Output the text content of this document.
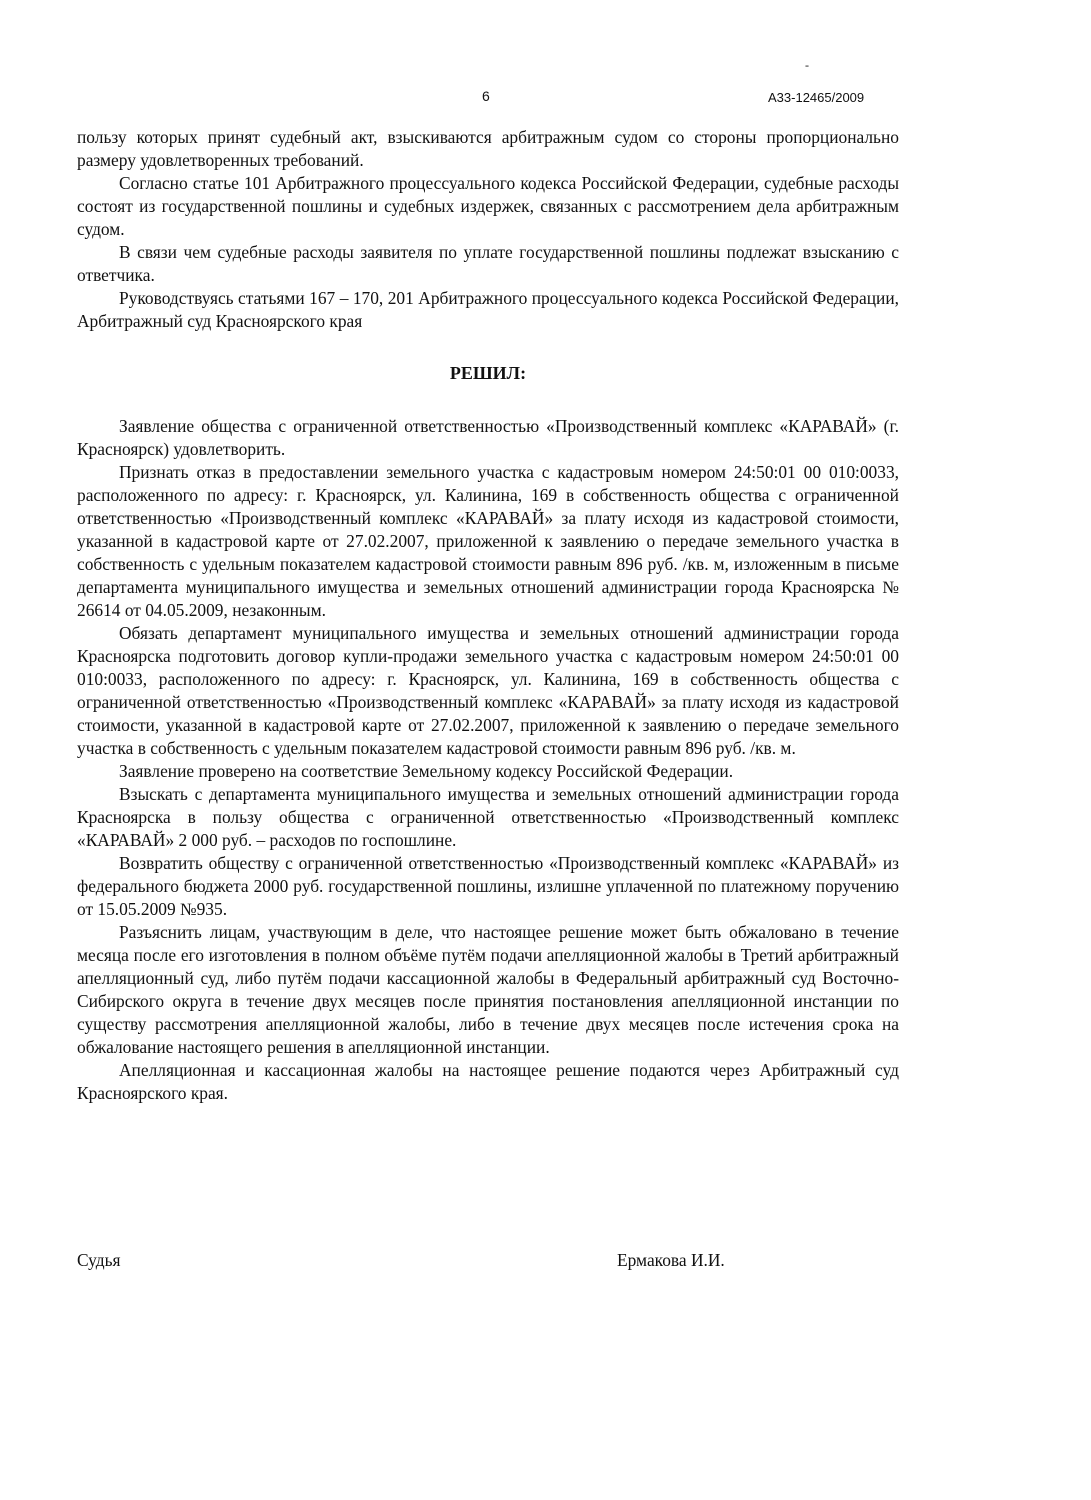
-
6	А33-12465/2009

пользу которых принят судебный акт, взыскиваются арбитражным судом со стороны пропорционально размеру удовлетворенных требований.

Согласно статье 101 Арбитражного процессуального кодекса Российской Федерации, судебные расходы состоят из государственной пошлины и судебных издержек, связанных с рассмотрением дела арбитражным судом.

В связи чем судебные расходы заявителя по уплате государственной пошлины подлежат взысканию с ответчика.

Руководствуясь статьями 167 – 170, 201 Арбитражного процессуального кодекса Российской Федерации, Арбитражный суд Красноярского края

РЕШИЛ:

Заявление общества с ограниченной ответственностью «Производственный комплекс «КАРАВАЙ» (г. Красноярск) удовлетворить.

Признать отказ в предоставлении земельного участка с кадастровым номером 24:50:01 00 010:0033, расположенного по адресу: г. Красноярск, ул. Калинина, 169 в собственность общества с ограниченной ответственностью «Производственный комплекс «КАРАВАЙ» за плату исходя из кадастровой стоимости, указанной в кадастровой карте от 27.02.2007, приложенной к заявлению о передаче земельного участка в собственность с удельным показателем кадастровой стоимости равным 896 руб. /кв. м, изложенным в письме департамента муниципального имущества и земельных отношений администрации города Красноярска № 26614 от 04.05.2009, незаконным.

Обязать департамент муниципального имущества и земельных отношений администрации города Красноярска подготовить договор купли-продажи земельного участка с кадастровым номером 24:50:01 00 010:0033, расположенного по адресу: г. Красноярск, ул. Калинина, 169 в собственность общества с ограниченной ответственностью «Производственный комплекс «КАРАВАЙ» за плату исходя из кадастровой стоимости, указанной в кадастровой карте от 27.02.2007, приложенной к заявлению о передаче земельного участка в собственность с удельным показателем кадастровой стоимости равным 896 руб. /кв. м.

Заявление проверено на соответствие Земельному кодексу Российской Федерации.

Взыскать с департамента муниципального имущества и земельных отношений администрации города Красноярска в пользу общества с ограниченной ответственностью «Производственный комплекс «КАРАВАЙ» 2 000 руб. – расходов по госпошлине.

Возвратить обществу с ограниченной ответственностью «Производственный комплекс «КАРАВАЙ» из федерального бюджета 2000 руб. государственной пошлины, излишне уплаченной по платежному поручению от 15.05.2009 №935.

Разъяснить лицам, участвующим в деле, что настоящее решение может быть обжаловано в течение месяца после его изготовления в полном объёме путём подачи апелляционной жалобы в Третий арбитражный апелляционный суд, либо путём подачи кассационной жалобы в Федеральный арбитражный суд Восточно-Сибирского округа в течение двух месяцев после принятия постановления апелляционной инстанции по существу рассмотрения апелляционной жалобы, либо в течение двух месяцев после истечения срока на обжалование настоящего решения в апелляционной инстанции.

Апелляционная и кассационная жалобы на настоящее решение подаются через Арбитражный суд Красноярского края.

Судья	Ермакова И.И.
